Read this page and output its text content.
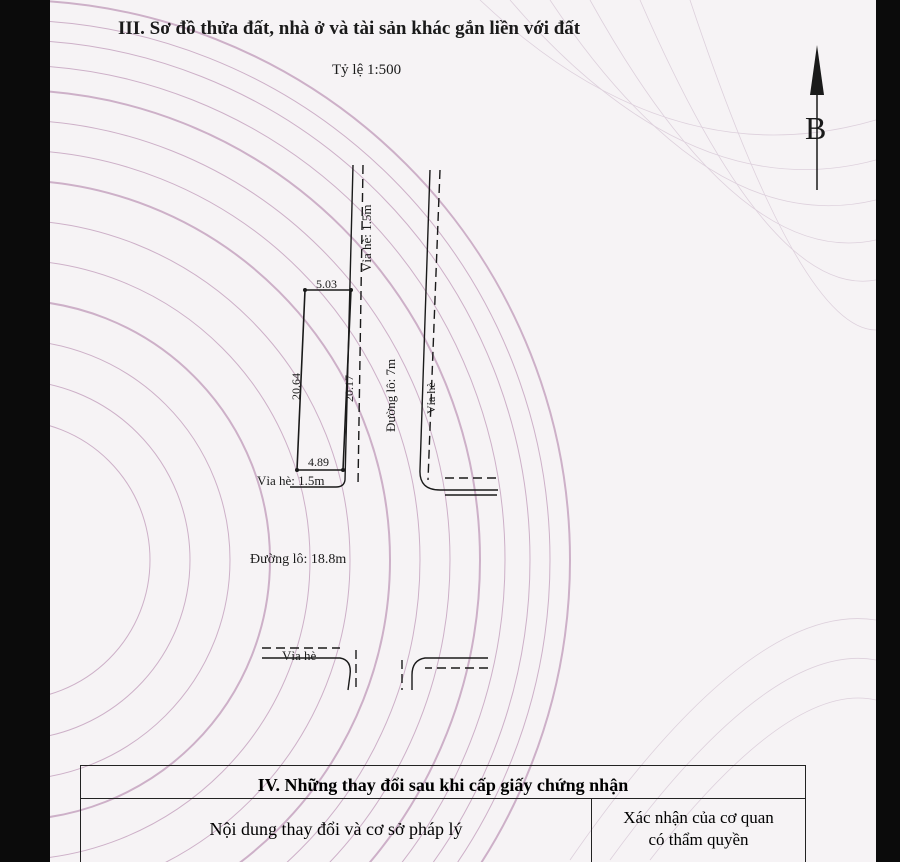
III. Sơ đồ thửa đất, nhà ở và tài sản khác gắn liền với đất
Tỷ lệ 1:500
B
5.03
20.64	20.17
4.89
Vỉa hè: 1.5m
Vỉa hè: 1.5m
Đường lô: 7m Vỉa hè
Đường lô: 18.8m
Vỉa hè
IV. Những thay đổi sau khi cấp giấy chứng nhận
Nội dung thay đổi và cơ sở pháp lý
Xác nhận của cơ quan
có thẩm quyền
